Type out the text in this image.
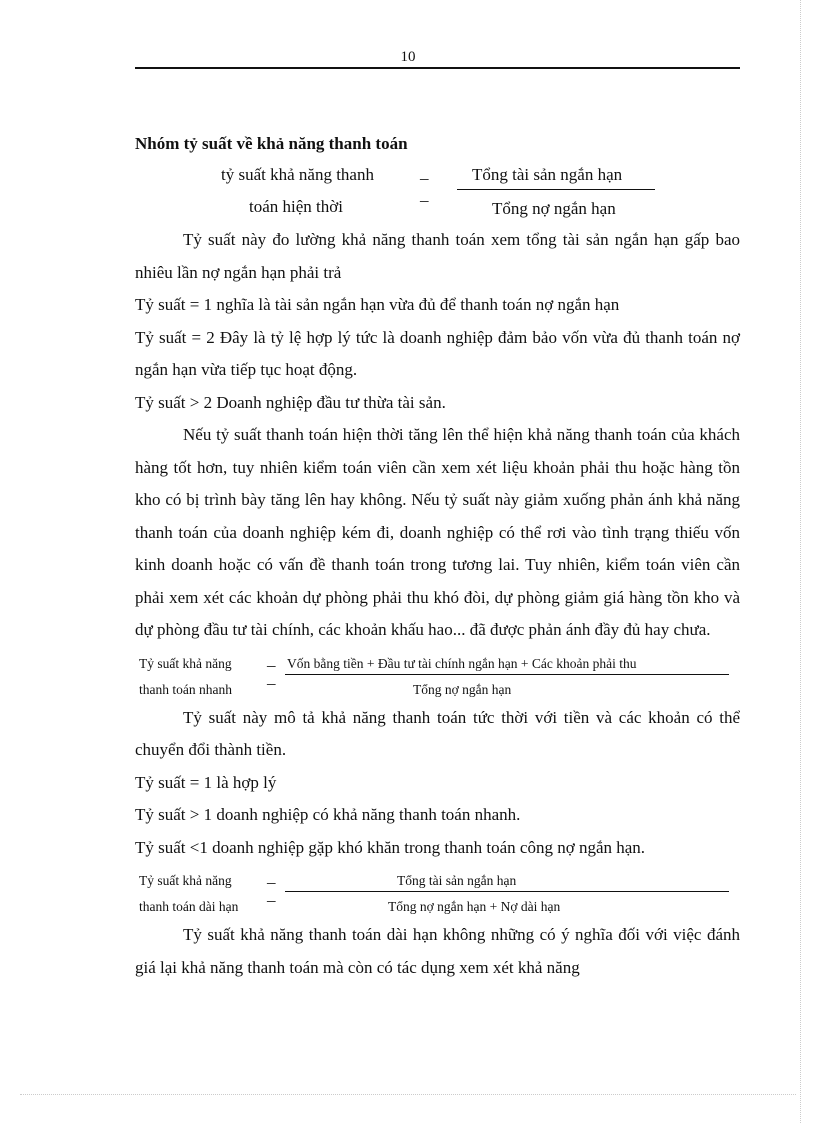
10

Nhóm tỷ suất về khả năng thanh toán

tỷ suất khả năng thanh
toán hiện thời
_
_
Tổng tài sản ngắn hạn
Tổng nợ ngắn hạn

Tỷ suất này đo lường khả năng thanh toán xem tổng tài sản ngắn hạn gấp bao nhiêu lần nợ ngắn hạn phải trả

Tỷ suất = 1 nghĩa là tài sản ngắn hạn vừa đủ để thanh toán nợ ngắn hạn

Tỷ suất = 2 Đây là tỷ lệ hợp lý tức là doanh nghiệp đảm bảo vốn vừa đủ thanh toán nợ ngắn hạn vừa tiếp tục hoạt động.

Tỷ suất > 2 Doanh nghiệp đầu tư thừa tài sản.

Nếu tỷ suất thanh toán hiện thời tăng lên thể hiện khả năng thanh toán của khách hàng tốt hơn, tuy nhiên kiểm toán viên cần xem xét liệu khoản phải thu hoặc hàng tồn kho có bị trình bày tăng lên hay không. Nếu tỷ suất này giảm xuống phản ánh khả năng thanh toán của doanh nghiệp kém đi, doanh nghiệp có thể rơi vào tình trạng thiếu vốn kinh doanh hoặc có vấn đề thanh toán trong tương lai. Tuy nhiên, kiểm toán viên cần phải xem xét các khoản dự phòng phải thu khó đòi, dự phòng giảm giá hàng tồn kho và dự phòng đầu tư tài chính, các khoản khấu hao... đã được phản ánh đầy đủ hay chưa.

Tỷ suất khả năng
thanh toán nhanh
_
_
Vốn bằng tiền + Đầu tư tài chính ngắn hạn + Các khoản phải thu
Tổng nợ ngắn hạn

Tỷ suất này mô tả khả năng thanh toán tức thời với tiền và các khoản có thể chuyển đổi thành tiền.

Tỷ suất = 1 là hợp lý

Tỷ suất > 1 doanh nghiệp có khả năng thanh toán nhanh.

Tỷ suất <1 doanh nghiệp gặp khó khăn trong thanh toán công nợ ngắn hạn.

Tỷ suất khả năng
thanh toán dài hạn
_
_
Tổng tài sản ngắn hạn
Tổng nợ ngắn hạn + Nợ dài hạn

Tỷ suất khả năng thanh toán dài hạn không những có ý nghĩa đối với việc đánh giá lại khả năng thanh toán mà còn có tác dụng xem xét khả năng
